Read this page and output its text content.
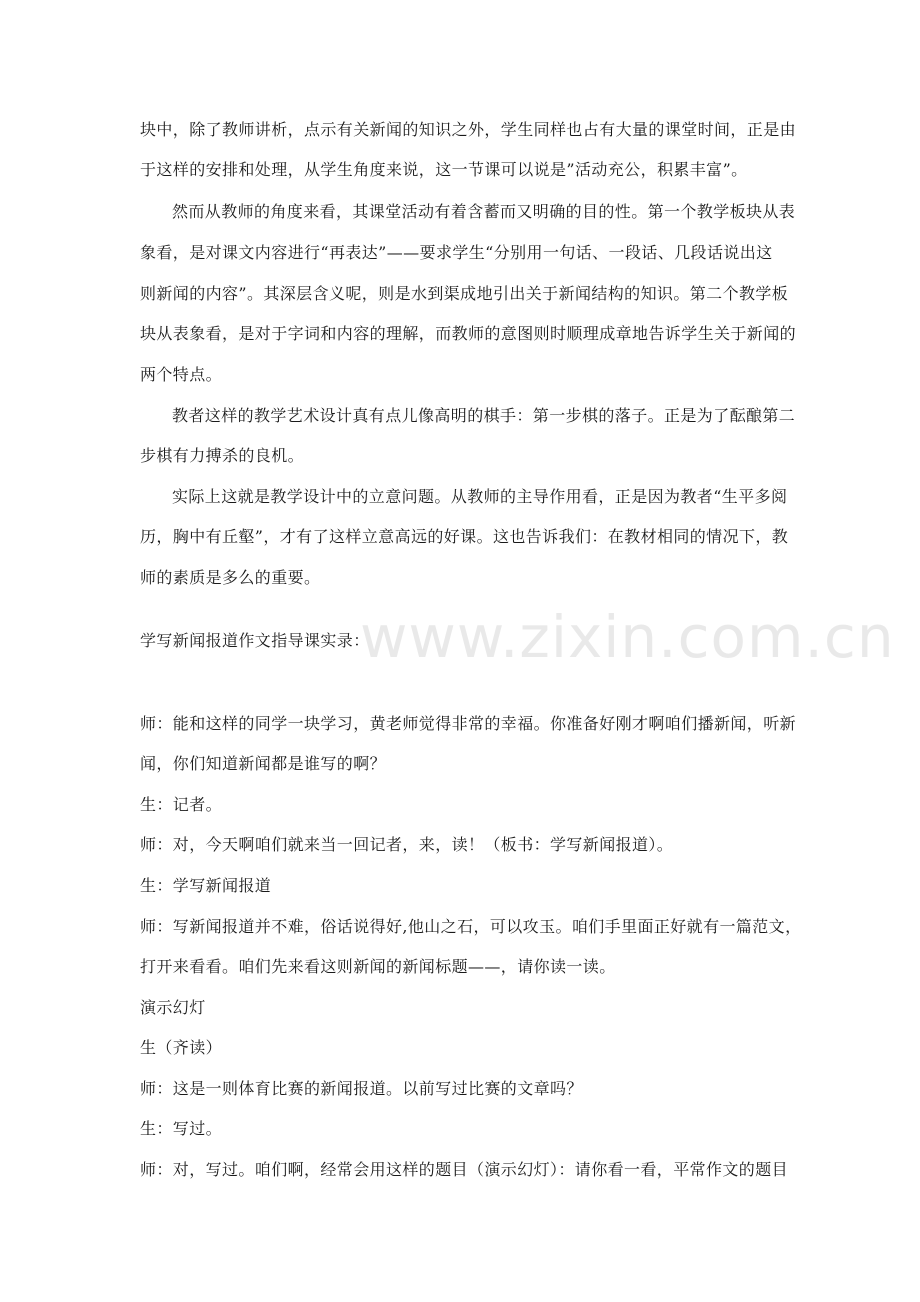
www.zixin.com.cn
块中，除了教师讲析，点示有关新闻的知识之外，学生同样也占有大量的课堂时间，正是由
于这样的安排和处理，从学生角度来说，这一节课可以说是”活动充公，积累丰富”。
然而从教师的角度来看，其课堂活动有着含蓄而又明确的目的性。第一个教学板块从表
象看，是对课文内容进行“再表达”——要求学生“分别用一句话、一段话、几段话说出这
则新闻的内容”。其深层含义呢，则是水到渠成地引出关于新闻结构的知识。第二个教学板
块从表象看，是对于字词和内容的理解，而教师的意图则时顺理成章地告诉学生关于新闻的
两个特点。
教者这样的教学艺术设计真有点儿像高明的棋手：第一步棋的落子。正是为了酝酿第二
步棋有力搏杀的良机。
实际上这就是教学设计中的立意问题。从教师的主导作用看，正是因为教者“生平多阅
历，胸中有丘壑”，才有了这样立意高远的好课。这也告诉我们：在教材相同的情况下，教
师的素质是多么的重要。
学写新闻报道作文指导课实录：
师：能和这样的同学一块学习，黄老师觉得非常的幸福。你准备好刚才啊咱们播新闻，听新
闻，你们知道新闻都是谁写的啊？
生：记者。
师：对，今天啊咱们就来当一回记者，来，读！（板书：学写新闻报道）。
生：学写新闻报道
师：写新闻报道并不难，俗话说得好,他山之石，可以攻玉。咱们手里面正好就有一篇范文，
打开来看看。咱们先来看这则新闻的新闻标题——，请你读一读。
演示幻灯
生（齐读）
师：这是一则体育比赛的新闻报道。以前写过比赛的文章吗？
生：写过。
师：对，写过。咱们啊，经常会用这样的题目（演示幻灯）：请你看一看，平常作文的题目
